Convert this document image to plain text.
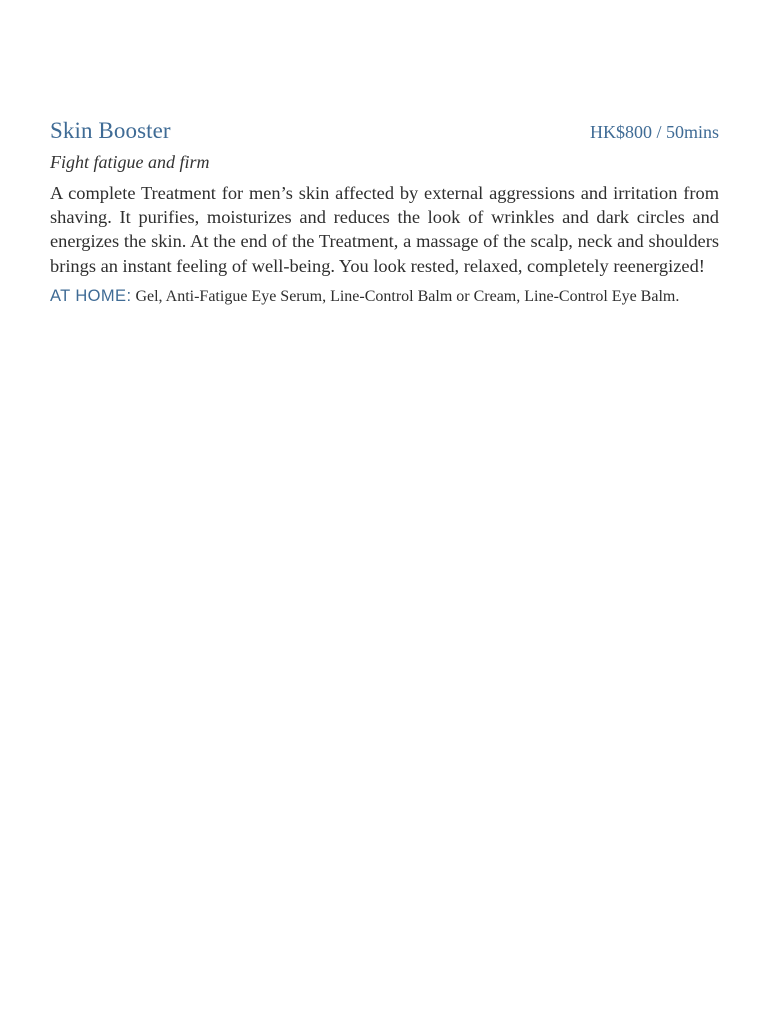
Skin Booster	HK$800 / 50mins
Fight fatigue and firm
A complete Treatment for men’s skin affected by external aggressions and irritation from shaving. It purifies, moisturizes and reduces the look of wrinkles and dark circles and energizes the skin. At the end of the Treatment, a massage of the scalp, neck and shoulders brings an instant feeling of well-being. You look rested, relaxed, completely reenergized!
AT HOME: Gel, Anti-Fatigue Eye Serum, Line-Control Balm or Cream, Line-Control Eye Balm.
